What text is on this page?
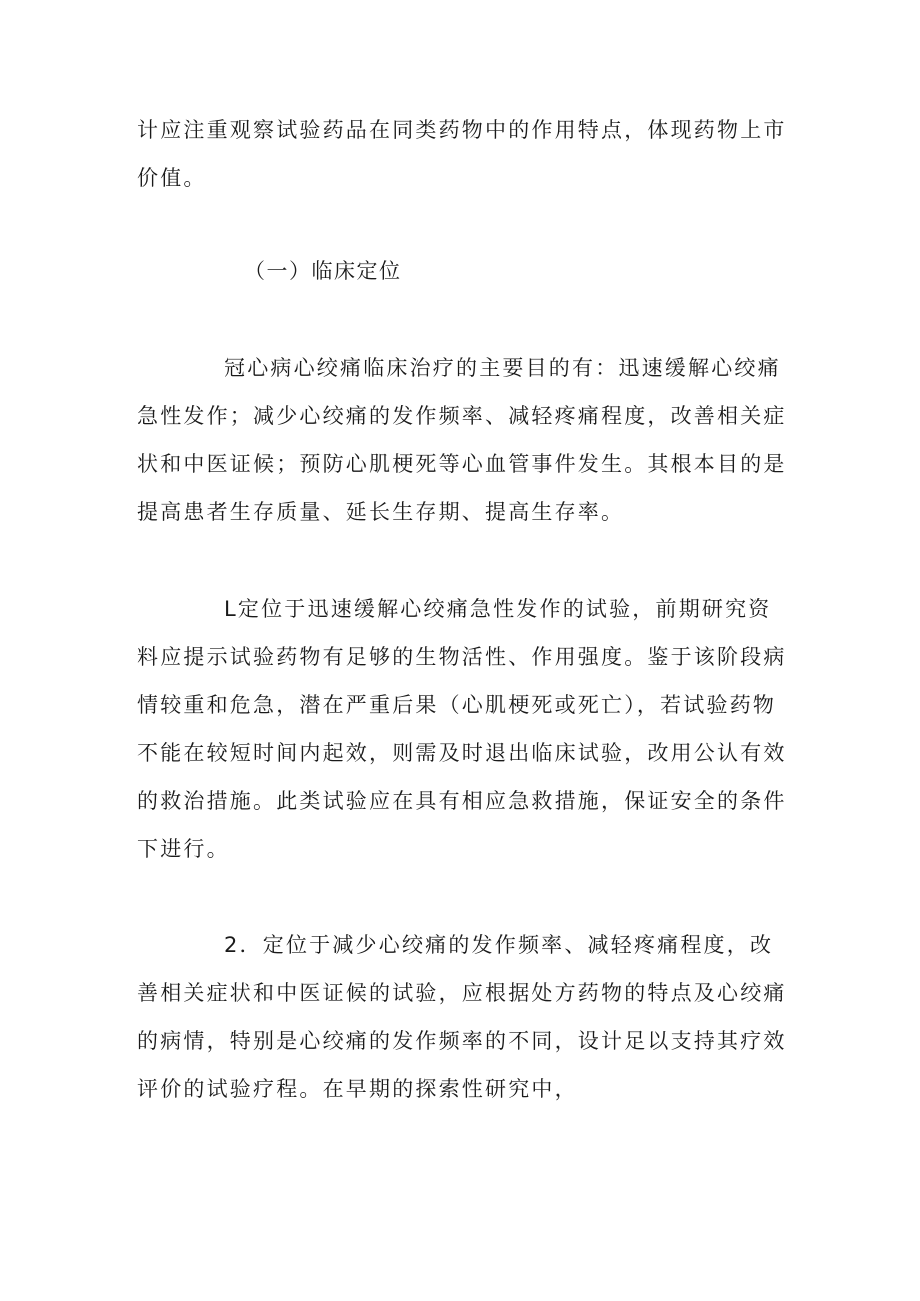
计应注重观察试验药品在同类药物中的作用特点，体现药物上市价值。

（一）临床定位

冠心病心绞痛临床治疗的主要目的有：迅速缓解心绞痛急性发作；减少心绞痛的发作频率、减轻疼痛程度，改善相关症状和中医证候；预防心肌梗死等心血管事件发生。其根本目的是提高患者生存质量、延长生存期、提高生存率。

L定位于迅速缓解心绞痛急性发作的试验，前期研究资料应提示试验药物有足够的生物活性、作用强度。鉴于该阶段病情较重和危急，潜在严重后果（心肌梗死或死亡），若试验药物不能在较短时间内起效，则需及时退出临床试验，改用公认有效的救治措施。此类试验应在具有相应急救措施，保证安全的条件下进行。

2．定位于减少心绞痛的发作频率、减轻疼痛程度，改善相关症状和中医证候的试验，应根据处方药物的特点及心绞痛的病情，特别是心绞痛的发作频率的不同，设计足以支持其疗效评价的试验疗程。在早期的探索性研究中，
